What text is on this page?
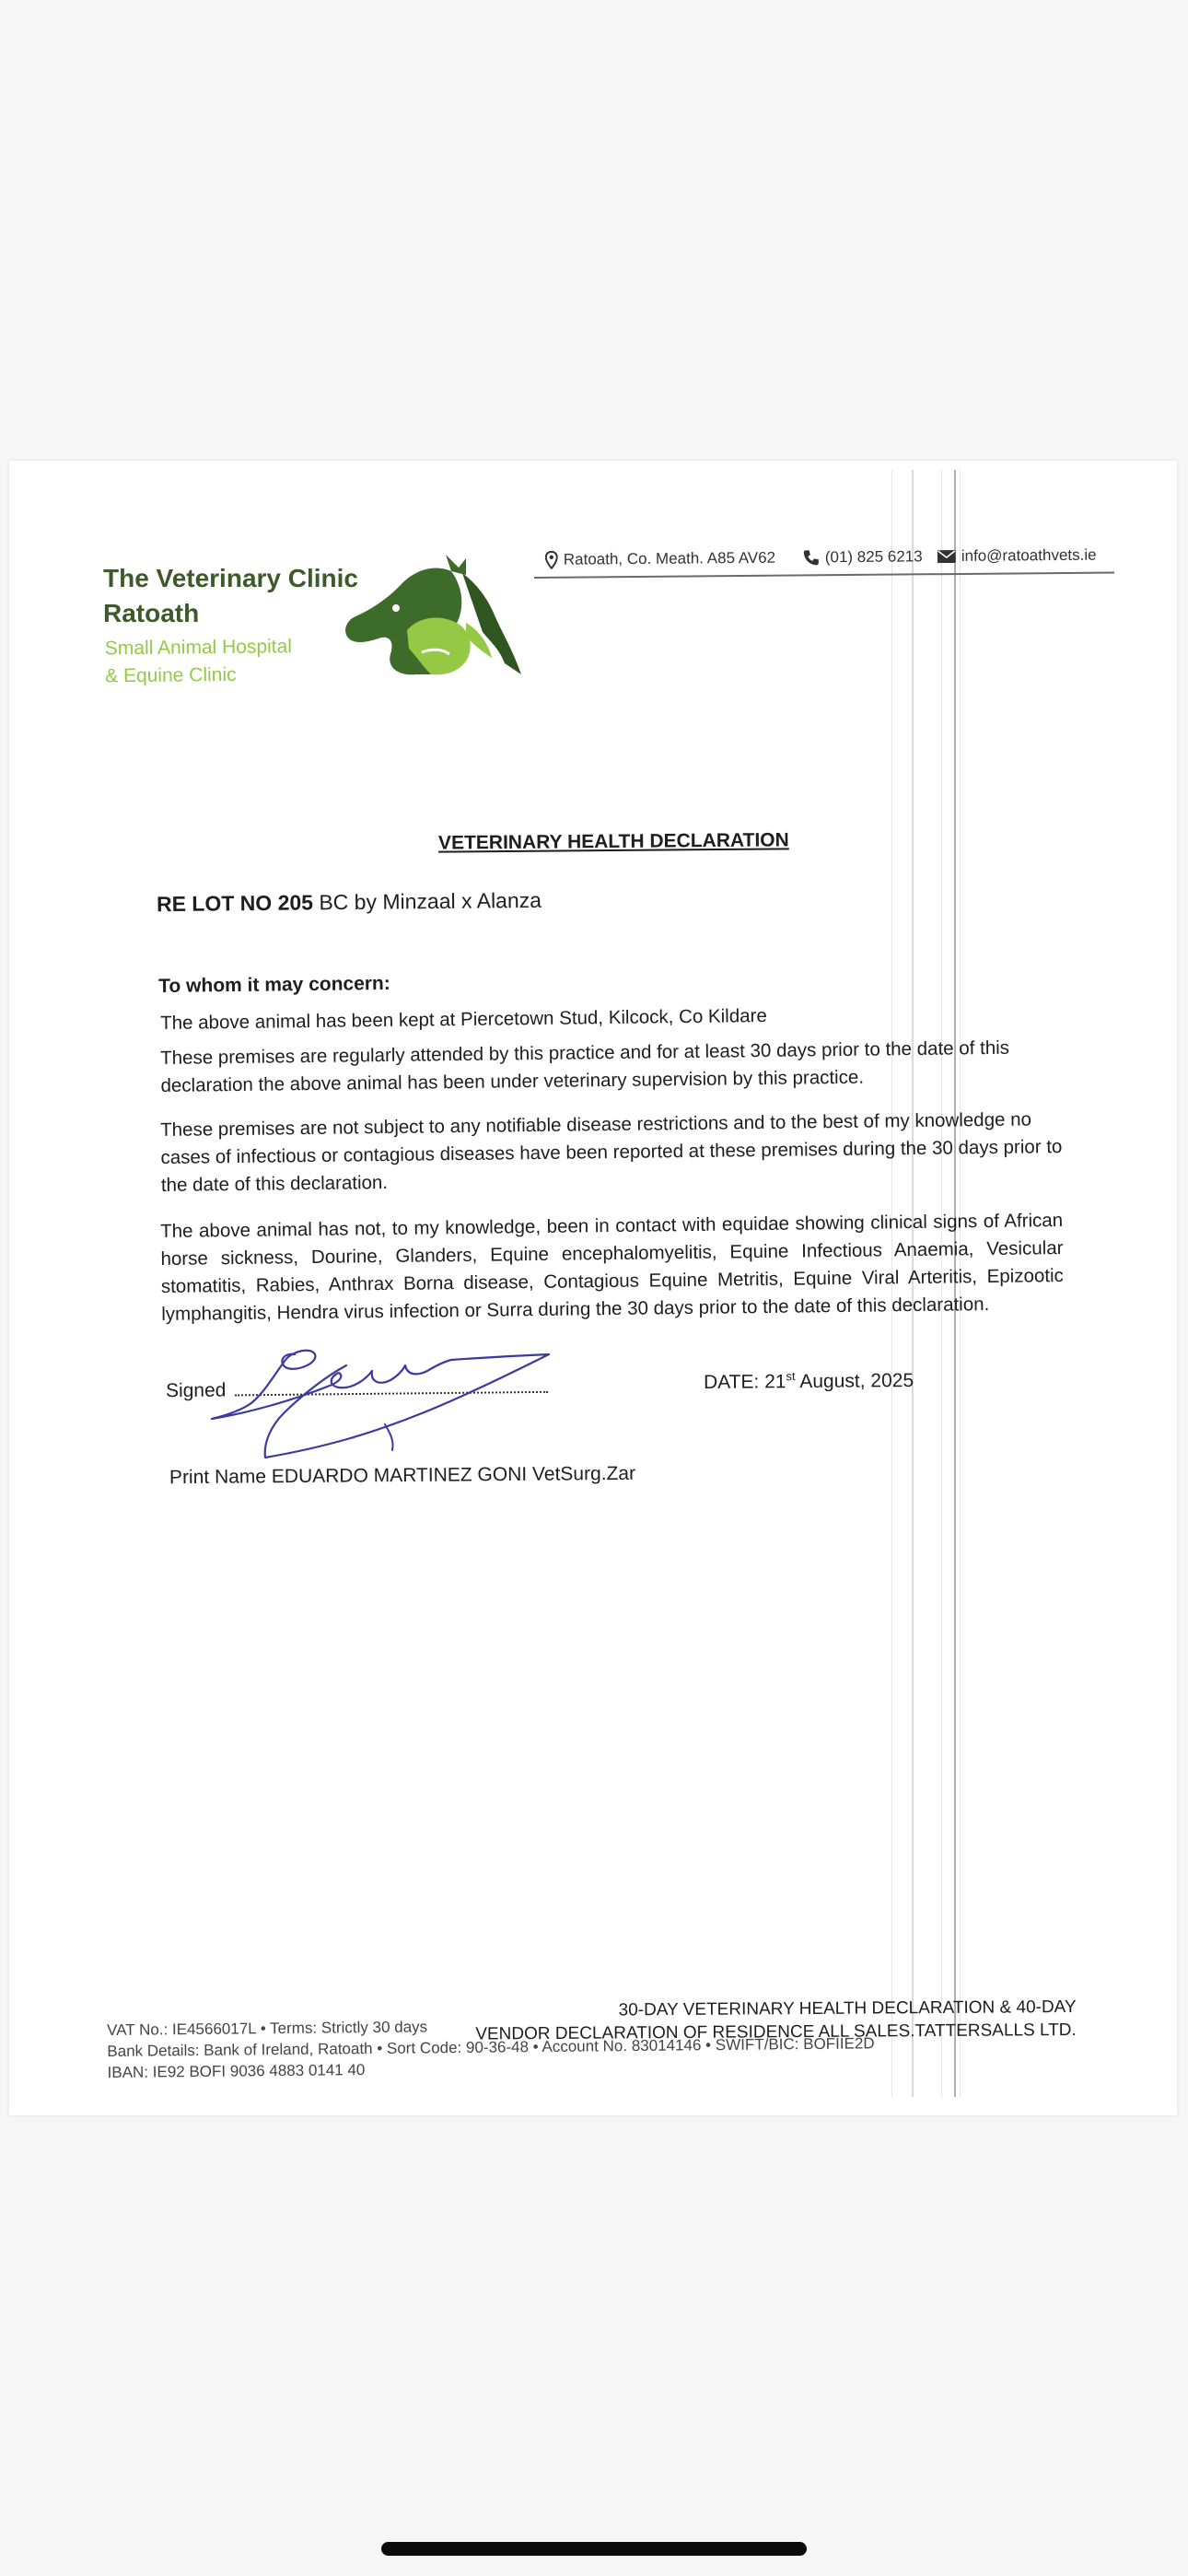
The Veterinary Clinic
Ratoath
Small Animal Hospital
& Equine Clinic
Ratoath, Co. Meath. A85 AV62	(01) 825 6213 info@ratoathvets.ie
VETERINARY HEALTH DECLARATION
RE LOT NO 205 BC by Minzaal x Alanza

To whom it may concern:

The above animal has been kept at Piercetown Stud, Kilcock, Co Kildare

These premises are regularly attended by this practice and for at least 30 days prior to the date of this declaration the above animal has been under veterinary supervision by this practice.

These premises are not subject to any notifiable disease restrictions and to the best of my knowledge no cases of infectious or contagious diseases have been reported at these premises during the 30 days prior to the date of this declaration.

The above animal has not, to my knowledge, been in contact with equidae showing clinical signs of African horse sickness, Dourine, Glanders, Equine encephalomyelitis, Equine Infectious Anaemia, Vesicular stomatitis, Rabies, Anthrax Borna disease, Contagious Equine Metritis, Equine Viral Arteritis, Epizootic lymphangitis, Hendra virus infection or Surra during the 30 days prior to the date of this declaration.

Signed	DATE: 21st August, 2025
Print Name EDUARDO MARTINEZ GONI VetSurg.Zar
VAT No.: IE4566017L • Terms: Strictly 30 days
Bank Details: Bank of Ireland, Ratoath • Sort Code: 90-36-48 • Account No. 83014146 • SWIFT/BIC: BOFIIE2D
IBAN: IE92 BOFI 9036 4883 0141 40
30-DAY VETERINARY HEALTH DECLARATION & 40-DAY
VENDOR DECLARATION OF RESIDENCE ALL SALES.TATTERSALLS LTD.
